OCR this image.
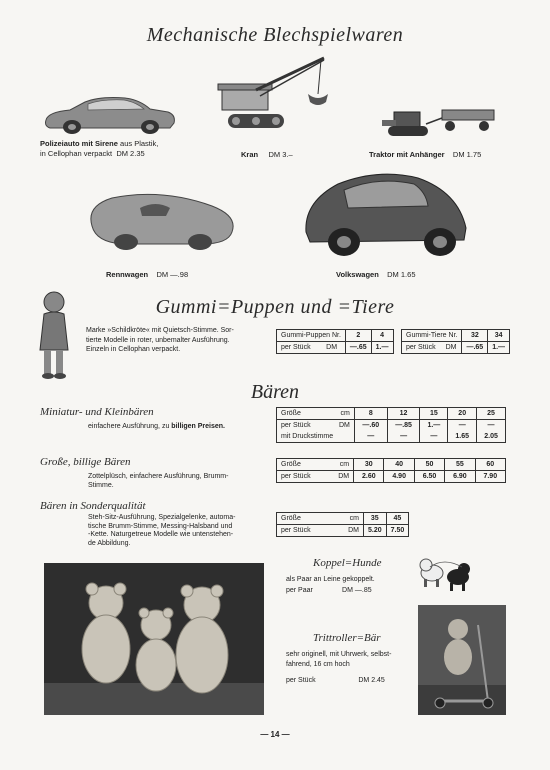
Mechanische Blechspielwaren
Polizeiauto mit Sirene aus Plastik,
in Cellophan verpackt DM 2.35	Kran DM 3.–	Traktor mit Anhänger DM 1.75
Rennwagen DM —.98	Volkswagen DM 1.65
Gummi=Puppen und =Tiere
Marke »Schildkröte« mit Quietsch-Stimme. Sor-
tierte Modelle in roter, unbemalter Ausführung.
Einzeln in Cellophan verpackt.
Gummi-Puppen Nr.		2	4
per Stück	DM	—.65	1.—
Gummi-Tiere Nr.		32	34
per Stück	DM	—.65	1.—
Bären
Miniatur- und Kleinbären
einfachere Ausführung, zu billigen Preisen.
Größe	cm	8	12	15	20	25
per Stück	DM	—.60	—.85	1.—	—	—
mit Druckstimme		—	—	—	1.65	2.05
Große, billige Bären
Zottelplüsch, einfachere Ausführung, Brumm-
Stimme.
Größe	cm	30	40	50	55	60
per Stück	DM	2.60	4.90	6.50	6.90	7.90
Bären in Sonderqualität
Steh-Sitz-Ausführung, Spezialgelenke, automa-
tische Brumm-Stimme, Messing-Halsband und
-Kette. Naturgetreue Modelle wie untenstehen-
de Abbildung.
Größe	cm	35	45
per Stück	DM	5.20	7.50
Koppel=Hunde
als Paar an Leine gekoppelt.
per Paar	DM —.85
Trittroller=Bär
sehr originell, mit Uhrwerk, selbst-
fahrend, 16 cm hoch
per Stück	DM 2.45
— 14 —
